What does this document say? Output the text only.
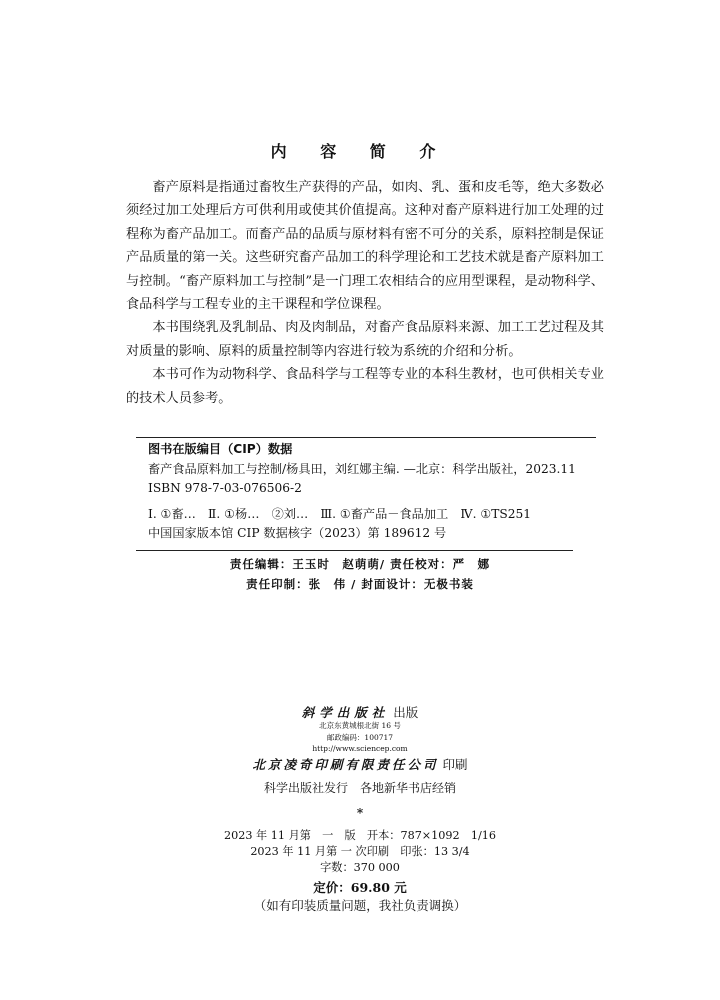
内 容 简 介

畜产原料是指通过畜牧生产获得的产品，如肉、乳、蛋和皮毛等，绝大多数必须经过加工处理后方可供利用或使其价值提高。这种对畜产原料进行加工处理的过程称为畜产品加工。而畜产品的品质与原材料有密不可分的关系，原料控制是保证产品质量的第一关。这些研究畜产品加工的科学理论和工艺技术就是畜产原料加工与控制。“畜产原料加工与控制”是一门理工农相结合的应用型课程，是动物科学、食品科学与工程专业的主干课程和学位课程。

本书围绕乳及乳制品、肉及肉制品，对畜产食品原料来源、加工工艺过程及其对质量的影响、原料的质量控制等内容进行较为系统的介绍和分析。

本书可作为动物科学、食品科学与工程等专业的本科生教材，也可供相关专业的技术人员参考。

图书在版编目（CIP）数据
畜产食品原料加工与控制/杨具田，刘红娜主编. —北京：科学出版社，2023.11
ISBN 978-7-03-076506-2
Ⅰ. ①畜…　Ⅱ. ①杨…　②刘…　Ⅲ. ①畜产品－食品加工　Ⅳ. ①TS251
中国国家版本馆 CIP 数据核字（2023）第 189612 号
责任编辑：王玉时　赵萌萌/ 责任校对：严　娜
责任印制：张　伟 / 封面设计：无极书装
斜学出版社 出版
北京东黄城根北街 16 号
邮政编码：100717
http://www.sciencep.com
北京凌奇印刷有限责任公司 印刷
科学出版社发行　各地新华书店经销
*
2023 年 11 月第　一　版　开本：787×1092　1/16
2023 年 11 月第 一 次印刷　印张：13 3/4
字数：370 000
定价：69.80 元
（如有印装质量问题，我社负责调换）
